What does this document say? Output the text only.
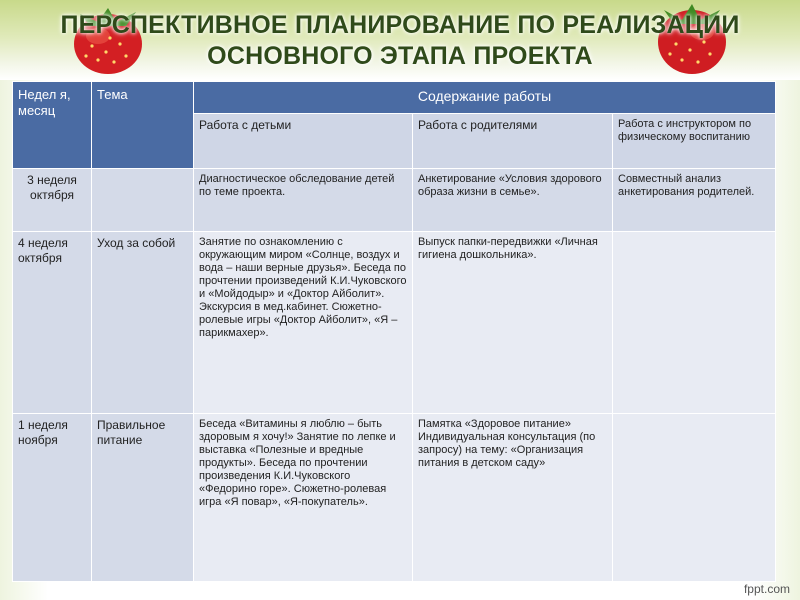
ПЕРСПЕКТИВНОЕ ПЛАНИРОВАНИЕ ПО РЕАЛИЗАЦИИ
ОСНОВНОГО ЭТАПА ПРОЕКТА
Недел я, месяц	Тема	Содержание работы		
		Работа с детьми	Работа с родителями	Работа с инструктором по физическому воспитанию
3 неделя октября		Диагностическое обследование детей по теме проекта.	Анкетирование «Условия здорового образа жизни в семье».	Совместный анализ анкетирования родителей.
4 неделя октября	Уход за собой	Занятие по ознакомлению с окружающим миром «Солнце, воздух и вода – наши верные друзья». Беседа по прочтении произведений К.И.Чуковского и «Мойдодыр» и «Доктор Айболит». Экскурсия в мед.кабинет. Сюжетно-ролевые игры «Доктор Айболит», «Я – парикмахер».	Выпуск папки-передвижки «Личная гигиена дошкольника».	
1 неделя ноября	Правильное питание	Беседа «Витамины я люблю – быть здоровым я хочу!» Занятие по лепке и выставка «Полезные и вредные продукты». Беседа по прочтении произведения К.И.Чуковского «Федорино горе». Сюжетно-ролевая игра «Я повар», «Я-покупатель».	Памятка «Здоровое питание» Индивидуальная консультация (по запросу) на тему: «Организация питания в детском саду»	
fppt.com
